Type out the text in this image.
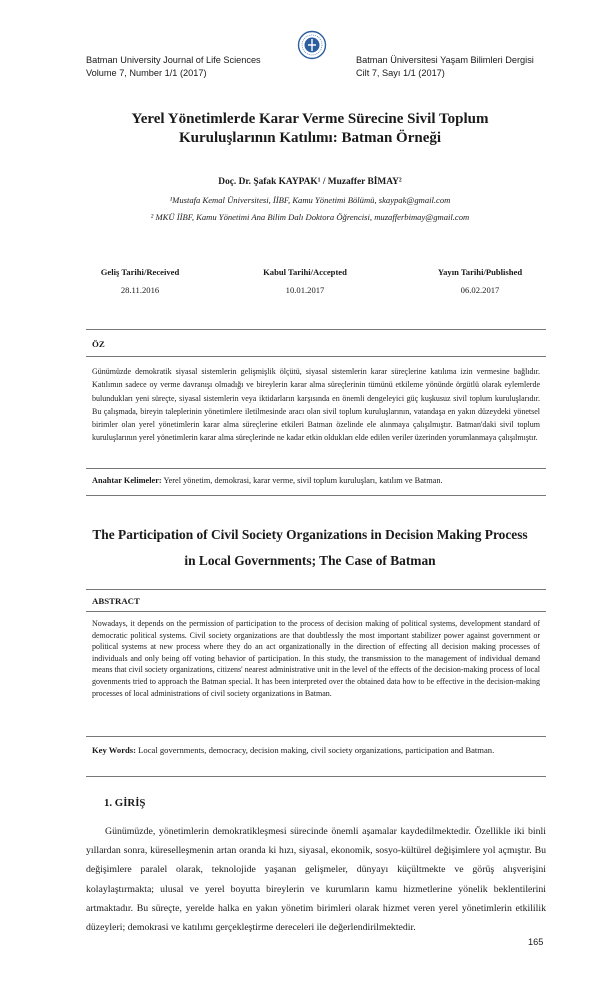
Batman University Journal of Life Sciences
Volume 7, Number 1/1 (2017)
Batman Üniversitesi Yaşam Bilimleri Dergisi
Cilt 7, Sayı 1/1 (2017)
Yerel Yönetimlerde Karar Verme Sürecine Sivil Toplum
Kuruluşlarının Katılımı: Batman Örneği
Doç. Dr. Şafak KAYPAK¹ / Muzaffer BİMAY²
¹Mustafa Kemal Üniversitesi, İİBF, Kamu Yönetimi Bölümü, skaypak@gmail.com
² MKÜ İİBF, Kamu Yönetimi Ana Bilim Dalı Doktora Öğrencisi, muzafferbimay@gmail.com
Geliş Tarihi/Received
28.11.2016
Kabul Tarihi/Accepted
10.01.2017
Yayın Tarihi/Published
06.02.2017
ÖZ
Günümüzde demokratik siyasal sistemlerin gelişmişlik ölçütü, siyasal sistemlerin karar süreçlerine katılıma izin vermesine bağlıdır. Katılımın sadece oy verme davranışı olmadığı ve bireylerin karar alma süreçlerinin tümünü etkileme yönünde örgütlü olarak eylemlerde bulundukları yeni süreçte, siyasal sistemlerin veya iktidarların karşısında en önemli dengeleyici güç kuşkusuz sivil toplum kuruluşlarıdır. Bu çalışmada, bireyin taleplerinin yönetimlere iletilmesinde aracı olan sivil toplum kuruluşlarının, vatandaşa en yakın düzeydeki yönetsel birimler olan yerel yönetimlerin karar alma süreçlerine etkileri Batman özelinde ele alınmaya çalışılmıştır. Batman'daki sivil toplum kuruluşlarının yerel yönetimlerin karar alma süreçlerinde ne kadar etkin oldukları elde edilen veriler üzerinden yorumlanmaya çalışılmıştır.
Anahtar Kelimeler: Yerel yönetim, demokrasi, karar verme, sivil toplum kuruluşları, katılım ve Batman.
The Participation of Civil Society Organizations in Decision Making Process
in Local Governments; The Case of Batman
ABSTRACT
Nowadays, it depends on the permission of participation to the process of decision making of political systems, development standard of democratic political systems. Civil society organizations are that doubtlessly the most important stabilizer power against government or political systems at new process where they do an act organizationally in the direction of effecting all decision making processes of individuals and only being off voting behavior of participation. In this study, the transmission to the management of individual demand means that civil society organizations, citizens' nearest administrative unit in the level of the effects of the decision-making process of local govenments tried to approach the Batman special. It has been interpreted over the obtained data how to be effective in the decision-making processes of local administrations of civil society organizations in Batman.
Key Words: Local governments, democracy, decision making, civil society organizations, participation and Batman.
1. GİRİŞ

Günümüzde, yönetimlerin demokratikleşmesi sürecinde önemli aşamalar kaydedilmektedir. Özellikle iki binli yıllardan sonra, küreselleşmenin artan oranda ki hızı, siyasal, ekonomik, sosyo-kültürel değişimlere yol açmıştır. Bu değişimlere paralel olarak, teknolojide yaşanan gelişmeler, dünyayı küçültmekte ve görüş alışverişini kolaylaştırmakta; ulusal ve yerel boyutta bireylerin ve kurumların kamu hizmetlerine yönelik beklentilerini artmaktadır. Bu süreçte, yerelde halka en yakın yönetim birimleri olarak hizmet veren yerel yönetimlerin etkililik düzeyleri; demokrasi ve katılımı gerçekleştirme dereceleri ile değerlendirilmektedir.

165
